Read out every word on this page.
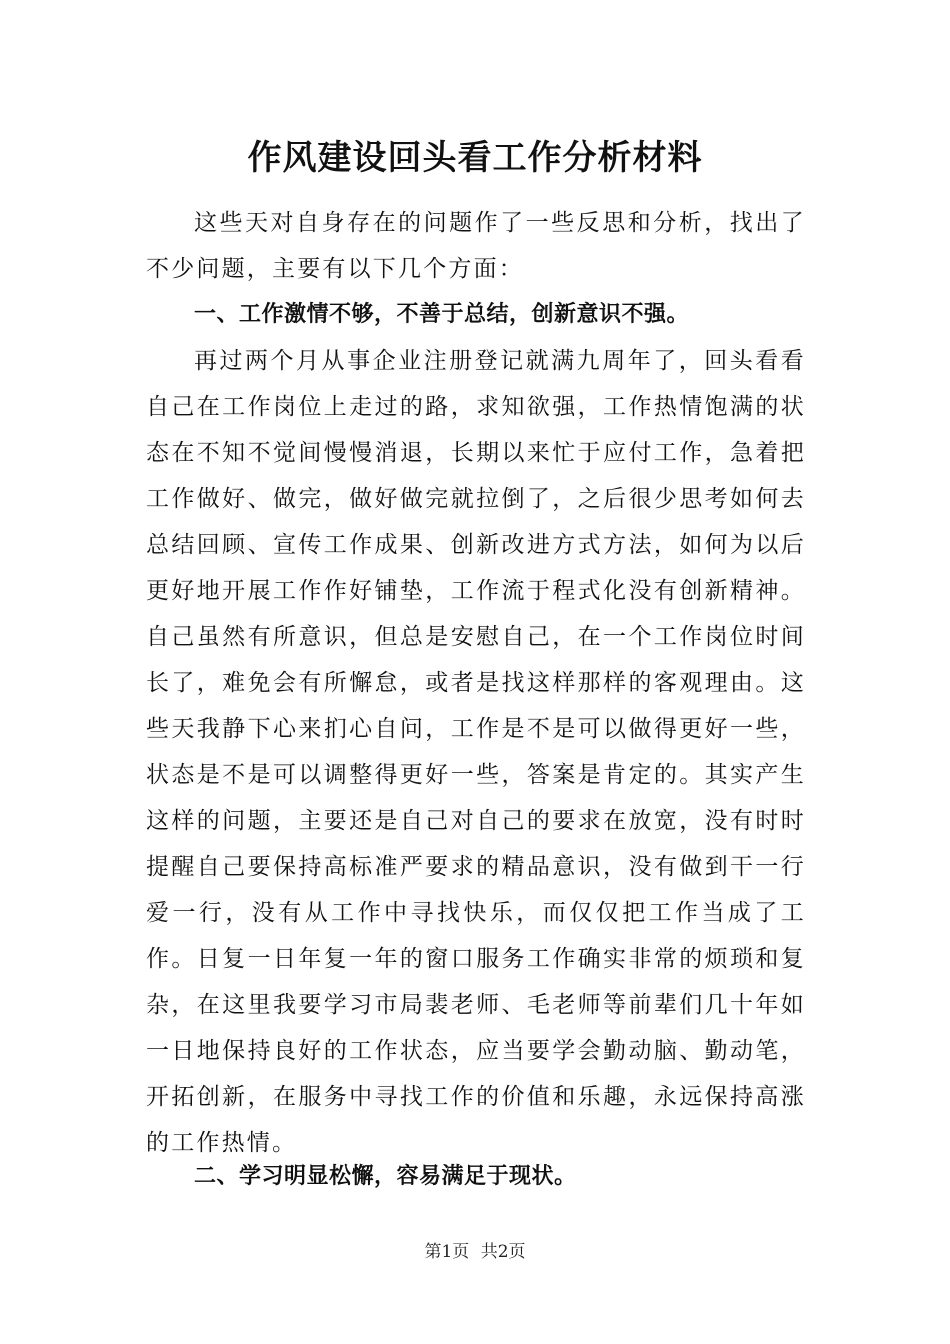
作风建设回头看工作分析材料

这些天对自身存在的问题作了一些反思和分析，找出了不少问题，主要有以下几个方面：

一、工作激情不够，不善于总结，创新意识不强。

再过两个月从事企业注册登记就满九周年了，回头看看自己在工作岗位上走过的路，求知欲强，工作热情饱满的状态在不知不觉间慢慢消退，长期以来忙于应付工作，急着把工作做好、做完，做好做完就拉倒了，之后很少思考如何去总结回顾、宣传工作成果、创新改进方式方法，如何为以后更好地开展工作作好铺垫，工作流于程式化没有创新精神。自己虽然有所意识，但总是安慰自己，在一个工作岗位时间长了，难免会有所懈怠，或者是找这样那样的客观理由。这些天我静下心来扪心自问，工作是不是可以做得更好一些，状态是不是可以调整得更好一些，答案是肯定的。其实产生这样的问题，主要还是自己对自己的要求在放宽，没有时时提醒自己要保持高标准严要求的精品意识，没有做到干一行爱一行，没有从工作中寻找快乐，而仅仅把工作当成了工作。日复一日年复一年的窗口服务工作确实非常的烦琐和复杂，在这里我要学习市局裴老师、毛老师等前辈们几十年如一日地保持良好的工作状态，应当要学会勤动脑、勤动笔，开拓创新，在服务中寻找工作的价值和乐趣，永远保持高涨的工作热情。

二、学习明显松懈，容易满足于现状。

第1页 共2页
